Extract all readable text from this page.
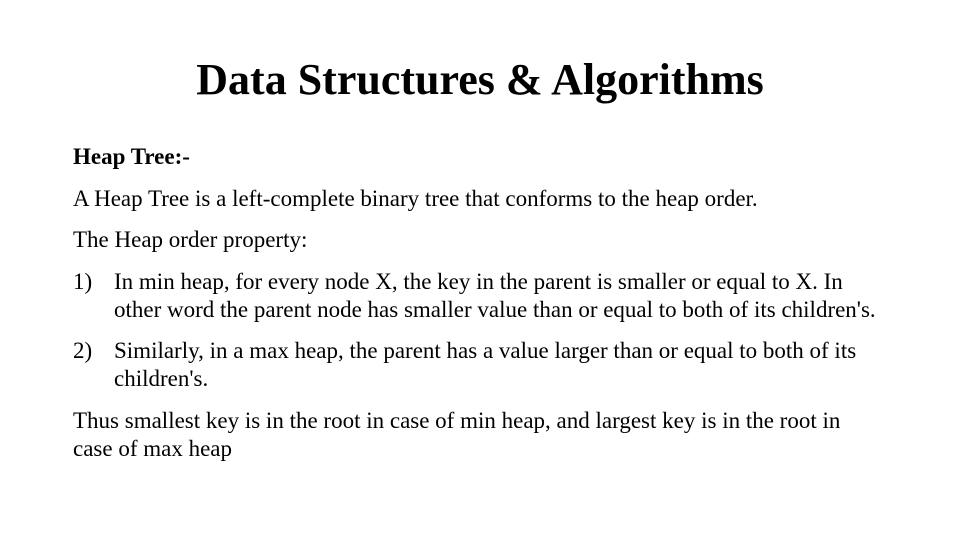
Data Structures & Algorithms
Heap Tree:-
A Heap Tree is a left-complete binary tree that conforms to the heap order.
The Heap order property:
1) In min heap, for every node X, the key in the parent is smaller or equal to X. In other word the parent node has smaller value than or equal to both of its children's.
2) Similarly, in a max heap, the parent has a value larger than or equal to both of its children's.
Thus smallest key is in the root in case of min heap, and largest key is in the root in case of max heap
